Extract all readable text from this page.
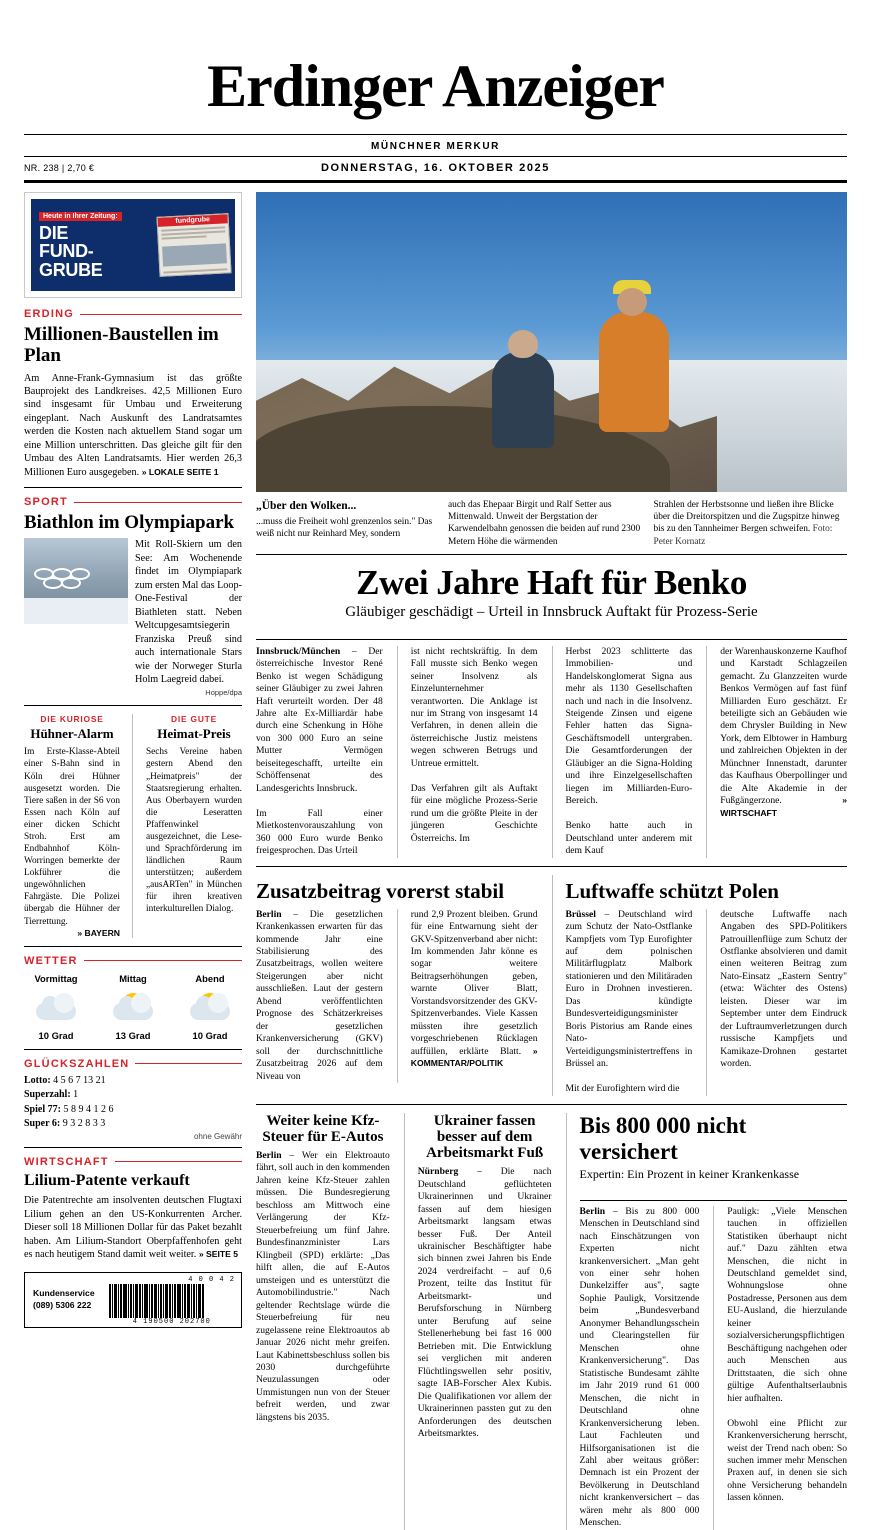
Erdinger Anzeiger
MÜNCHNER MERKUR
NR. 238 | 2,70 €	DONNERSTAG, 16. OKTOBER 2025
Heute in Ihrer Zeitung:
DIE
FUND-
GRUBE
fundgrube
ERDING
Millionen-Baustellen im Plan
Am Anne-Frank-Gymnasium ist das größte Bauprojekt des Landkreises. 42,5 Millionen Euro sind insgesamt für Umbau und Erweiterung eingeplant. Nach Auskunft des Landratsamtes werden die Kosten nach aktuellem Stand sogar um eine Million unterschritten. Das gleiche gilt für den Umbau des Alten Landratsamts. Hier werden 26,3 Millionen Euro ausgegeben. » LOKALE SEITE 1
SPORT
Biathlon im Olympiapark
Mit Roll-Skiern um den See: Am Wochenende findet im Olympiapark zum ersten Mal das Loop-One-Festival der Biathleten statt. Neben Weltcupgesamtsiegerin Franziska Preuß sind auch internationale Stars wie der Norweger Sturla Holm Laegreid dabei.
Hoppe/dpa
DIE KURIOSE
Hühner-Alarm
Im Erste-Klasse-Abteil einer S-Bahn sind in Köln drei Hühner ausgesetzt worden. Die Tiere saßen in der S6 von Essen nach Köln auf einer dicken Schicht Stroh. Erst am Endbahnhof Köln-Worringen bemerkte der Lokführer die ungewöhnlichen Fahrgäste. Die Polizei übergab die Hühner der Tierrettung.
» BAYERN
DIE GUTE
Heimat-Preis
Sechs Vereine haben gestern Abend den „Heimatpreis" der Staatsregierung erhalten. Aus Oberbayern wurden die Leseratten Pfaffenwinkel ausgezeichnet, die Lese- und Sprachförderung im ländlichen Raum unterstützen; außerdem „ausARTen" in München für ihren kreativen interkulturellen Dialog.
WETTER
Vormittag
10 Grad
Mittag
13 Grad
Abend
10 Grad
GLÜCKSZAHLEN
Lotto: 4 5 6 7 13 21
Superzahl: 1
Spiel 77: 5 8 9 4 1 2 6
Super 6: 9 3 2 8 3 3
ohne Gewähr
WIRTSCHAFT
Lilium-Patente verkauft
Die Patentrechte am insolventen deutschen Flugtaxi Lilium gehen an den US-Konkurrenten Archer. Dieser soll 18 Millionen Dollar für das Paket bezahlt haben. Am Lilium-Standort Oberpfaffenhofen geht es nach heutigem Stand damit weit weiter. » SEITE 5
Kundenservice
(089) 5306 222
4 0 0 4 2
4 190500 202700
„Über den Wolken...
...muss die Freiheit wohl grenzenlos sein." Das weiß nicht nur Reinhard Mey, sondern
auch das Ehepaar Birgit und Ralf Setter aus Mittenwald. Unweit der Bergstation der Karwendelbahn genossen die beiden auf rund 2300 Metern Höhe die wärmenden
Strahlen der Herbstsonne und ließen ihre Blicke über die Dreitorspitzen und die Zugspitze hinweg bis zu den Tannheimer Bergen schweifen. Foto: Peter Kornatz
Zwei Jahre Haft für Benko
Gläubiger geschädigt – Urteil in Innsbruck Auftakt für Prozess-Serie
Innsbruck/München – Der österreichische Investor René Benko ist wegen Schädigung seiner Gläubiger zu zwei Jahren Haft verurteilt worden. Der 48 Jahre alte Ex-Milliardär habe durch eine Schenkung in Höhe von 300 000 Euro an seine Mutter Vermögen beiseitegeschafft, urteilte ein Schöffensenat des Landesgerichts Innsbruck.

Im Fall einer Mietkostenvorauszahlung von 360 000 Euro wurde Benko freigesprochen. Das Urteil
ist nicht rechtskräftig. In dem Fall musste sich Benko wegen seiner Insolvenz als Einzelunternehmer verantworten. Die Anklage ist nur im Strang von insgesamt 14 Verfahren, in denen allein die österreichische Justiz meistens wegen schweren Betrugs und Untreue ermittelt.

Das Verfahren gilt als Auftakt für eine mögliche Prozess-Serie rund um die größte Pleite in der jüngeren Geschichte Österreichs. Im
Herbst 2023 schlitterte das Immobilien- und Handelskonglomerat Signa aus mehr als 1130 Gesellschaften nach und nach in die Insolvenz. Steigende Zinsen und eigene Fehler hatten das Signa-Geschäftsmodell untergraben. Die Gesamtforderungen der Gläubiger an die Signa-Holding und ihre Einzelgesellschaften liegen im Milliarden-Euro-Bereich.

Benko hatte auch in Deutschland unter anderem mit dem Kauf
der Warenhauskonzerne Kaufhof und Karstadt Schlagzeilen gemacht. Zu Glanzzeiten wurde Benkos Vermögen auf fast fünf Milliarden Euro geschätzt. Er beteiligte sich an Gebäuden wie dem Chrysler Building in New York, dem Elbtower in Hamburg und zahlreichen Objekten in der Münchner Innenstadt, darunter das Kaufhaus Oberpollinger und die Alte Akademie in der Fußgängerzone.	» WIRTSCHAFT
Zusatzbeitrag vorerst stabil
Berlin – Die gesetzlichen Krankenkassen erwarten für das kommende Jahr eine Stabilisierung des Zusatzbeitrags, wollen weitere Steigerungen aber nicht ausschließen. Laut der gestern Abend veröffentlichten Prognose des Schätzerkreises der gesetzlichen Krankenversicherung (GKV) soll der durchschnittliche Zusatzbeitrag 2026 auf dem Niveau von
rund 2,9 Prozent bleiben. Grund für eine Entwarnung sieht der GKV-Spitzenverband aber nicht: Im kommenden Jahr könne es sogar weitere Beitragserhöhungen geben, warnte Oliver Blatt, Vorstandsvorsitzender des GKV-Spitzenverbandes. Viele Kassen müssten ihre gesetzlich vorgeschriebenen Rücklagen auffüllen, erklärte Blatt. » KOMMENTAR/POLITIK
Luftwaffe schützt Polen
Brüssel – Deutschland wird zum Schutz der Nato-Ostflanke Kampfjets vom Typ Eurofighter auf dem polnischen Militärflugplatz Malbork stationieren und den Militäraden Euro in Drohnen investieren. Das kündigte Bundesverteidigungsminister Boris Pistorius am Rande eines Nato-Verteidigungsministertreffens in Brüssel an.

Mit der Eurofightern wird die
deutsche Luftwaffe nach Angaben des SPD-Politikers Patrouillenflüge zum Schutz der Ostflanke absolvieren und damit einen weiteren Beitrag zum Nato-Einsatz „Eastern Sentry" (etwa: Wächter des Ostens) leisten. Dieser war im September unter dem Eindruck der Luftraumverletzungen durch russische Kampfjets und Kamikaze-Drohnen gestartet worden.
Weiter keine Kfz-Steuer für E-Autos
Berlin – Wer ein Elektroauto fährt, soll auch in den kommenden Jahren keine Kfz-Steuer zahlen müssen. Die Bundesregierung beschloss am Mittwoch eine Verlängerung der Kfz-Steuerbefreiung um fünf Jahre. Bundesfinanzminister Lars Klingbeil (SPD) erklärte: „Das hilft allen, die auf E-Autos umsteigen und es unterstützt die Automobilindustrie." Nach geltender Rechtslage würde die Steuerbefreiung für neu zugelassene reine Elektroautos ab Januar 2026 nicht mehr greifen. Laut Kabinettsbeschluss sollen bis 2030 durchgeführte Neuzulassungen oder Ummistungen nun von der Steuer befreit werden, und zwar längstens bis 2035.
Ukrainer fassen besser auf dem Arbeitsmarkt Fuß
Nürnberg – Die nach Deutschland geflüchteten Ukrainerinnen und Ukrainer fassen auf dem hiesigen Arbeitsmarkt langsam etwas besser Fuß. Der Anteil ukrainischer Beschäftigter habe sich binnen zwei Jahren bis Ende 2024 verdreifacht – auf 0,6 Prozent, teilte das Institut für Arbeitsmarkt- und Berufsforschung in Nürnberg unter Berufung auf seine Stellenerhebung bei fast 16 000 Betrieben mit. Die Entwicklung sei verglichen mit anderen Flüchtlingswellen sehr positiv, sagte IAB-Forscher Alex Kubis. Die Qualifikationen vor allem der Ukrainerinnen passten gut zu den Anforderungen des deutschen Arbeitsmarktes.
Bis 800 000 nicht versichert
Expertin: Ein Prozent in keiner Krankenkasse
Berlin – Bis zu 800 000 Menschen in Deutschland sind nach Einschätzungen von Experten nicht krankenversichert. „Man geht von einer sehr hohen Dunkelziffer aus", sagte Sophie Pauligk, Vorsitzende beim „Bundesverband Anonymer Behandlungsschein und Clearingstellen für Menschen ohne Krankenversicherung". Das Statistische Bundesamt zählte im Jahr 2019 rund 61 000 Menschen, die nicht in Deutschland ohne Krankenversicherung leben. Laut Fachleuten und Hilfsorganisationen ist die Zahl aber weitaus größer: Demnach ist ein Prozent der Bevölkerung in Deutschland nicht krankenversichert – das wären mehr als 800 000 Menschen.
Pauligk: „Viele Menschen tauchen in offiziellen Statistiken überhaupt nicht auf." Dazu zählten etwa Menschen, die nicht in Deutschland gemeldet sind, Wohnungslose ohne Postadresse, Personen aus dem EU-Ausland, die hierzulande keiner sozialversicherungspflichtigen Beschäftigung nachgehen oder auch Menschen aus Drittstaaten, die sich ohne gültige Aufenthaltserlaubnis hier aufhalten.

Obwohl eine Pflicht zur Krankenversicherung herrscht, weist der Trend nach oben: So suchen immer mehr Menschen Praxen auf, in denen sie sich ohne Versicherung behandeln lassen können.
